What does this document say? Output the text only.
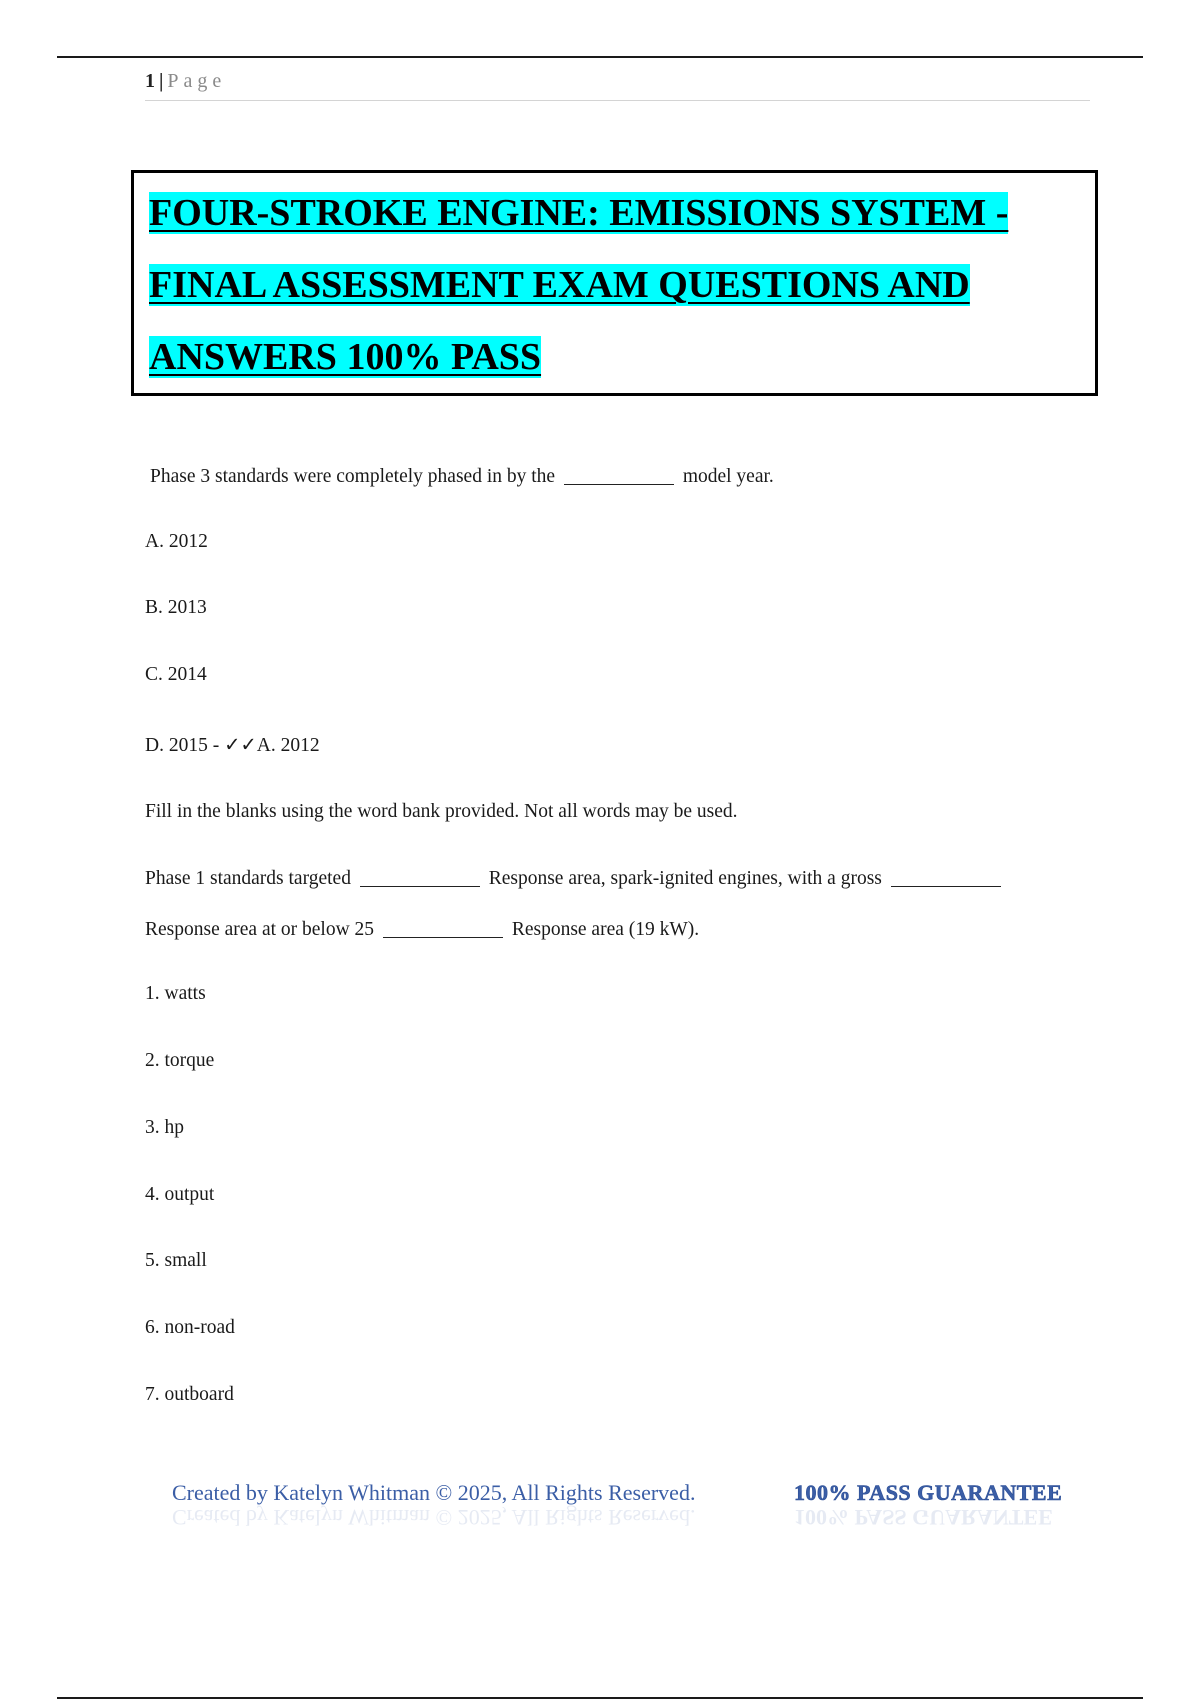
1 | Page
FOUR-STROKE ENGINE: EMISSIONS SYSTEM -
FINAL ASSESSMENT EXAM QUESTIONS AND
ANSWERS 100% PASS
Phase 3 standards were completely phased in by the	model year.
A. 2012
B. 2013
C. 2014
D. 2015 - ✓✓A. 2012
Fill in the blanks using the word bank provided. Not all words may be used.
Phase 1 standards targeted	Response area, spark-ignited engines, with a gross
Response area at or below 25	Response area (19 kW).
1. watts
2. torque
3. hp
4. output
5. small
6. non-road
7. outboard
Created by Katelyn Whitman © 2025, All Rights Reserved.
Created by Katelyn Whitman © 2025, All Rights Reserved.
100% PASS GUARANTEE
100% PASS GUARANTEE
